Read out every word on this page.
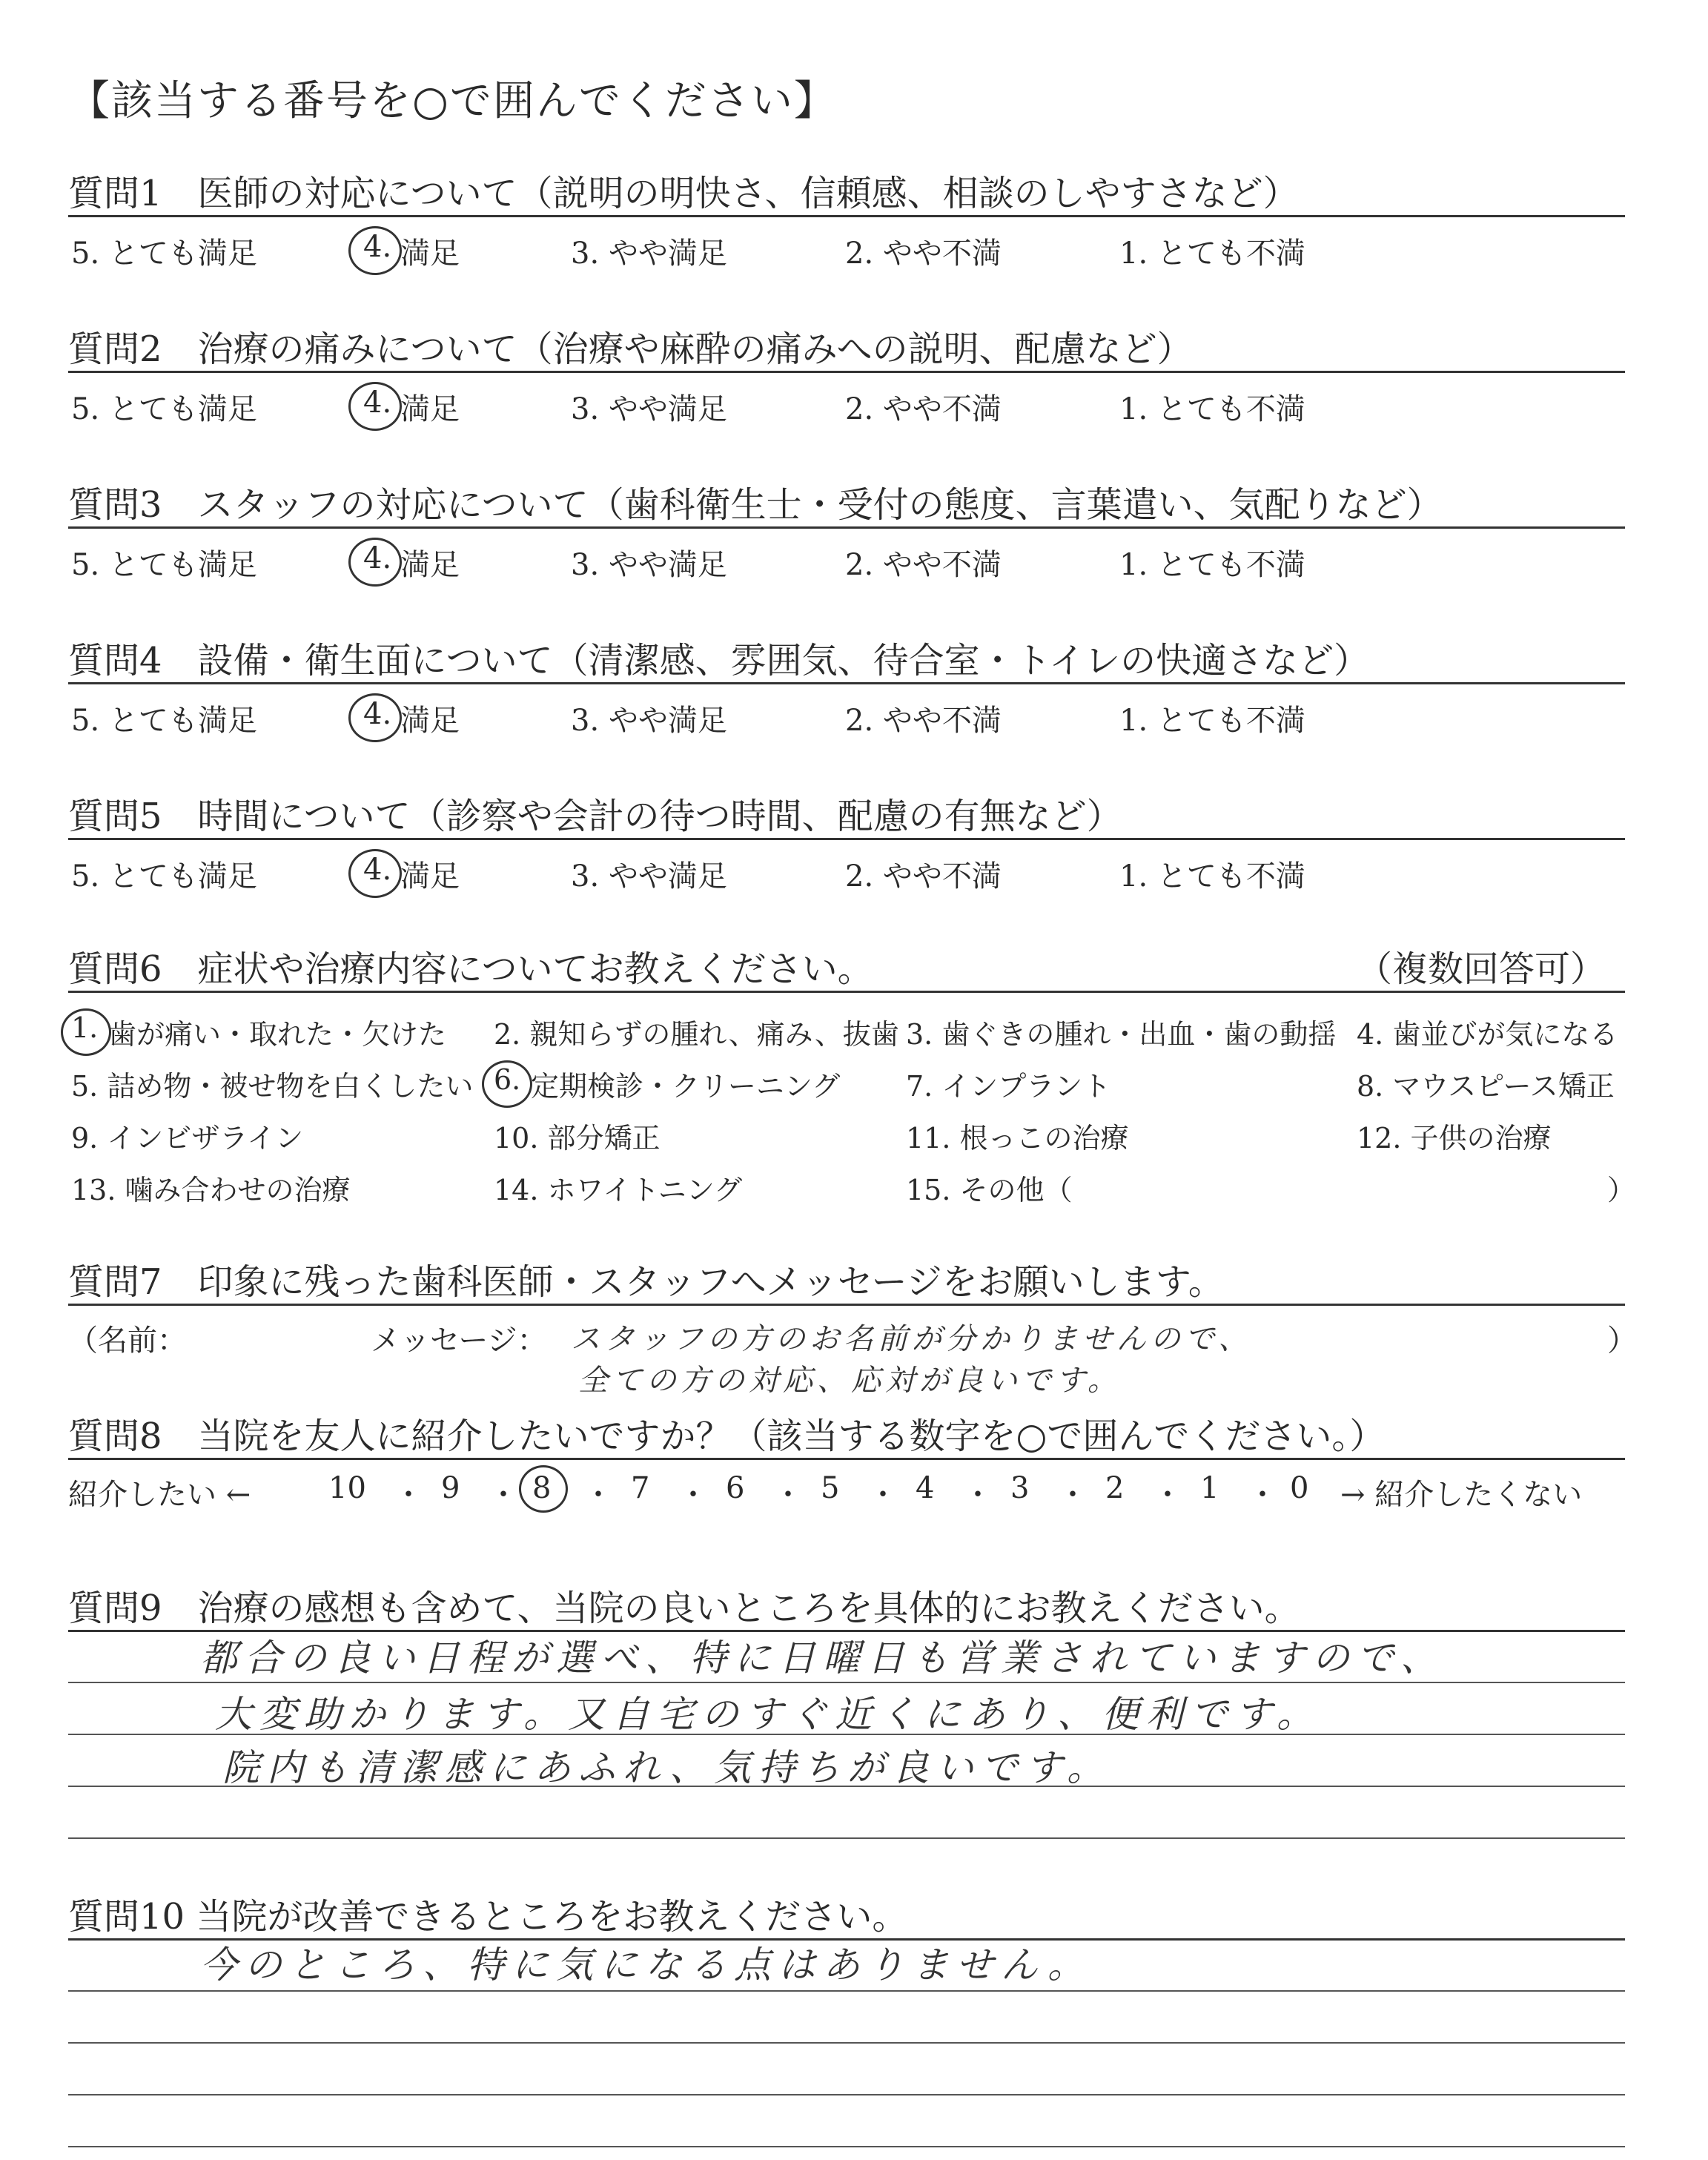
【該当する番号を○で囲んでください】
質問1　医師の対応について（説明の明快さ、信頼感、相談のしやすさなど）
5. とても満足	4. 満足	3. やや満足	2. やや不満	1. とても不満
質問2　治療の痛みについて（治療や麻酔の痛みへの説明、配慮など）
5. とても満足	4. 満足	3. やや満足	2. やや不満	1. とても不満
質問3　スタッフの対応について（歯科衛生士・受付の態度、言葉遣い、気配りなど）
5. とても満足	4. 満足	3. やや満足	2. やや不満	1. とても不満
質問4　設備・衛生面について（清潔感、雰囲気、待合室・トイレの快適さなど）
5. とても満足	4. 満足	3. やや満足	2. やや不満	1. とても不満
質問5　時間について（診察や会計の待つ時間、配慮の有無など）
5. とても満足	4. 満足	3. やや満足	2. やや不満	1. とても不満
質問6　症状や治療内容についてお教えください。	（複数回答可）
1. 歯が痛い・取れた・欠けた 2. 親知らずの腫れ、痛み、抜歯 3. 歯ぐきの腫れ・出血・歯の動揺 4. 歯並びが気になる
5. 詰め物・被せ物を白くしたい 6. 定期検診・クリーニング 7. インプラント	8. マウスピース矯正
9. インビザライン	10. 部分矯正	11. 根っこの治療	12. 子供の治療
13. 噛み合わせの治療	14. ホワイトニング	15. その他（	）
質問7　印象に残った歯科医師・スタッフへメッセージをお願いします。
（名前：	メッセージ：	）
スタッフの方のお名前が分かりませんので、
全ての方の対応、応対が良いです。
質問8　当院を友人に紹介したいですか？（該当する数字を○で囲んでください。）
紹介したい ←	→ 紹介したくない
10 ・ 9 ・ 8 ・ 7 ・ 6 ・ 5 ・ 4 ・ 3 ・ 2 ・ 1 ・ 0
質問9　治療の感想も含めて、当院の良いところを具体的にお教えください。
都合の良い日程が選べ、特に日曜日も営業されていますので、
大変助かります。又自宅のすぐ近くにあり、便利です。
院内も清潔感にあふれ、気持ちが良いです。
質問10 当院が改善できるところをお教えください。
今のところ、特に気になる点はありません。
